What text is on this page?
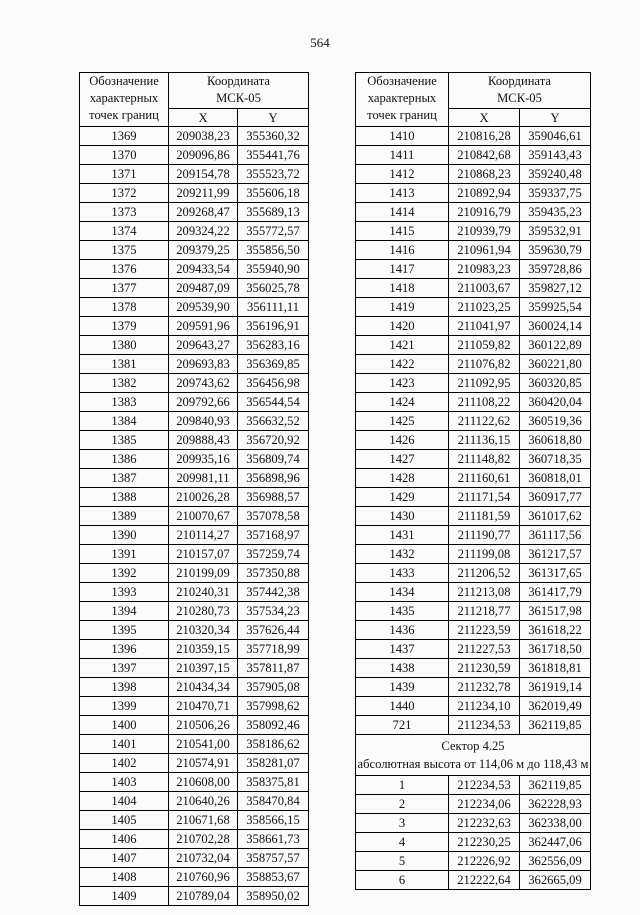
564
Обозначение
характерных
точек границ	Координата
МСК-05	
	X	Y
1369	209038,23	355360,32
1370	209096,86	355441,76
1371	209154,78	355523,72
1372	209211,99	355606,18
1373	209268,47	355689,13
1374	209324,22	355772,57
1375	209379,25	355856,50
1376	209433,54	355940,90
1377	209487,09	356025,78
1378	209539,90	356111,11
1379	209591,96	356196,91
1380	209643,27	356283,16
1381	209693,83	356369,85
1382	209743,62	356456,98
1383	209792,66	356544,54
1384	209840,93	356632,52
1385	209888,43	356720,92
1386	209935,16	356809,74
1387	209981,11	356898,96
1388	210026,28	356988,57
1389	210070,67	357078,58
1390	210114,27	357168,97
1391	210157,07	357259,74
1392	210199,09	357350,88
1393	210240,31	357442,38
1394	210280,73	357534,23
1395	210320,34	357626,44
1396	210359,15	357718,99
1397	210397,15	357811,87
1398	210434,34	357905,08
1399	210470,71	357998,62
1400	210506,26	358092,46
1401	210541,00	358186,62
1402	210574,91	358281,07
1403	210608,00	358375,81
1404	210640,26	358470,84
1405	210671,68	358566,15
1406	210702,28	358661,73
1407	210732,04	358757,57
1408	210760,96	358853,67
1409	210789,04	358950,02
Обозначение
характерных
точек границ	Координата
МСК-05	
	X	Y
1410	210816,28	359046,61
1411	210842,68	359143,43
1412	210868,23	359240,48
1413	210892,94	359337,75
1414	210916,79	359435,23
1415	210939,79	359532,91
1416	210961,94	359630,79
1417	210983,23	359728,86
1418	211003,67	359827,12
1419	211023,25	359925,54
1420	211041,97	360024,14
1421	211059,82	360122,89
1422	211076,82	360221,80
1423	211092,95	360320,85
1424	211108,22	360420,04
1425	211122,62	360519,36
1426	211136,15	360618,80
1427	211148,82	360718,35
1428	211160,61	360818,01
1429	211171,54	360917,77
1430	211181,59	361017,62
1431	211190,77	361117,56
1432	211199,08	361217,57
1433	211206,52	361317,65
1434	211213,08	361417,79
1435	211218,77	361517,98
1436	211223,59	361618,22
1437	211227,53	361718,50
1438	211230,59	361818,81
1439	211232,78	361919,14
1440	211234,10	362019,49
721	211234,53	362119,85
Сектор 4.25
абсолютная высота от 114,06 м до 118,43 м		
1	212234,53	362119,85
2	212234,06	362228,93
3	212232,63	362338,00
4	212230,25	362447,06
5	212226,92	362556,09
6	212222,64	362665,09
